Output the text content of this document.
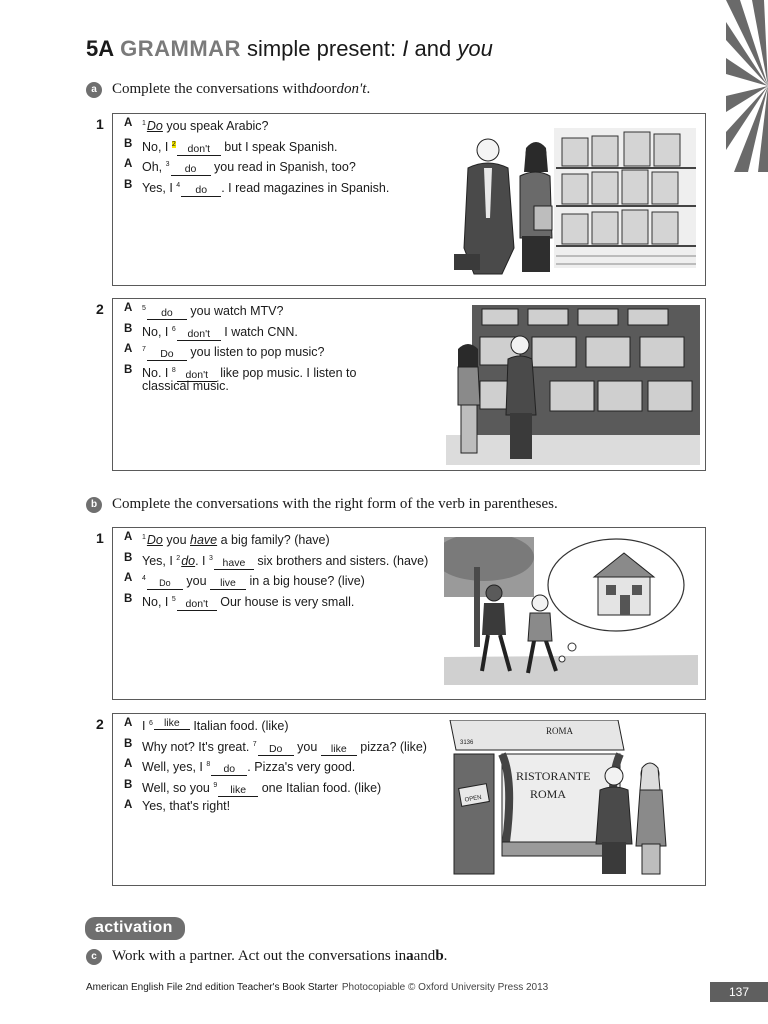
5A GRAMMAR simple present: I and you
a	Complete the conversations with do or don't .
1 A	$^1$Do you speak Arabic?
B No, I $^2$ don't but I speak Spanish.
A Oh, $^3$ do you read in Spanish, too?
B Yes, I $^4$ do . I read magazines in Spanish.
2 A	$^5$ do you watch MTV?
B No, I $^6$ don't I watch CNN.
A	$^7$ Do you listen to pop music?
B No. I $^8$ don't like pop music. I listen to
classical music.
b Complete the conversations with the right form of the verb in parentheses.
1 A	$^1$Do you have a big family? (have)
B Yes, I $^2$do. I $^3$ have six brothers and sisters. (have)
A	$^4$ Do you live in a big house? (live)
B No, I $^5$ don't Our house is very small.
2 A I $^6$ like Italian food. (like)
B Why not? It's great. $^7$ Do you like pizza? (like)
A Well, yes, I $^8$ do . Pizza's very good.
B Well, so you $^9$ like one Italian food. (like)
A Yes, that's right!
ROMA
3136
OPEN
RISTORANTE
ROMA
activation
c	Work with a partner. Act out the conversations in a and b .
American English File 2nd edition Teacher's Book Starter Photocopiable © Oxford University Press 2013	137
